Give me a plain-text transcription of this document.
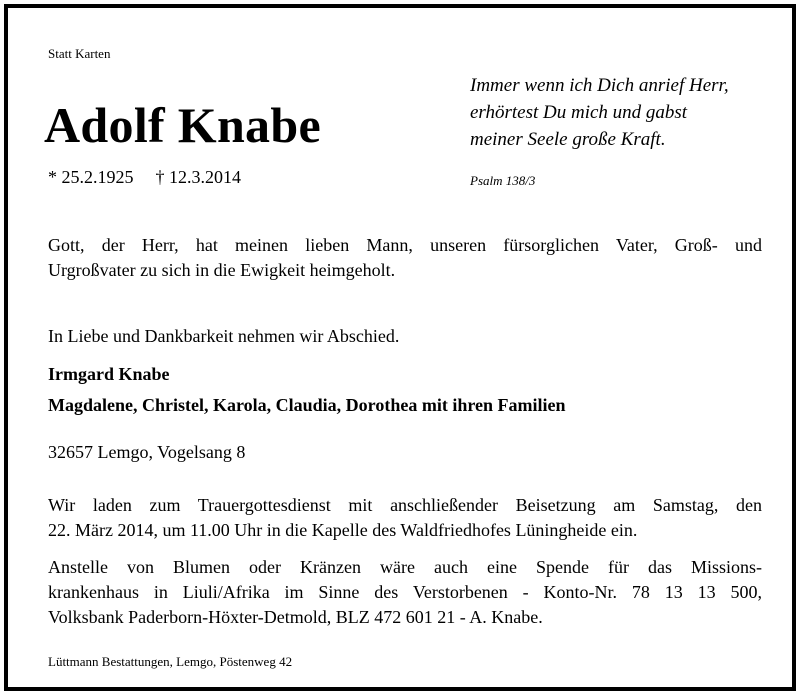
Statt Karten
Adolf Knabe
* 25.2.1925 † 12.3.2014
Immer wenn ich Dich anrief Herr,
erhörtest Du mich und gabst
meiner Seele große Kraft.
Psalm 138/3
Gott, der Herr, hat meinen lieben Mann, unseren fürsorglichen Vater, Groß- und
Urgroßvater zu sich in die Ewigkeit heimgeholt.
In Liebe und Dankbarkeit nehmen wir Abschied.
Irmgard Knabe
Magdalene, Christel, Karola, Claudia, Dorothea mit ihren Familien
32657 Lemgo, Vogelsang 8
Wir laden zum Trauergottesdienst mit anschließender Beisetzung am Samstag, den
22. März 2014, um 11.00 Uhr in die Kapelle des Waldfriedhofes Lüningheide ein.
Anstelle von Blumen oder Kränzen wäre auch eine Spende für das Missions-
krankenhaus in Liuli/Afrika im Sinne des Verstorbenen - Konto-Nr. 78 13 13 500,
Volksbank Paderborn-Höxter-Detmold, BLZ 472 601 21 - A. Knabe.
Lüttmann Bestattungen, Lemgo, Pöstenweg 42
